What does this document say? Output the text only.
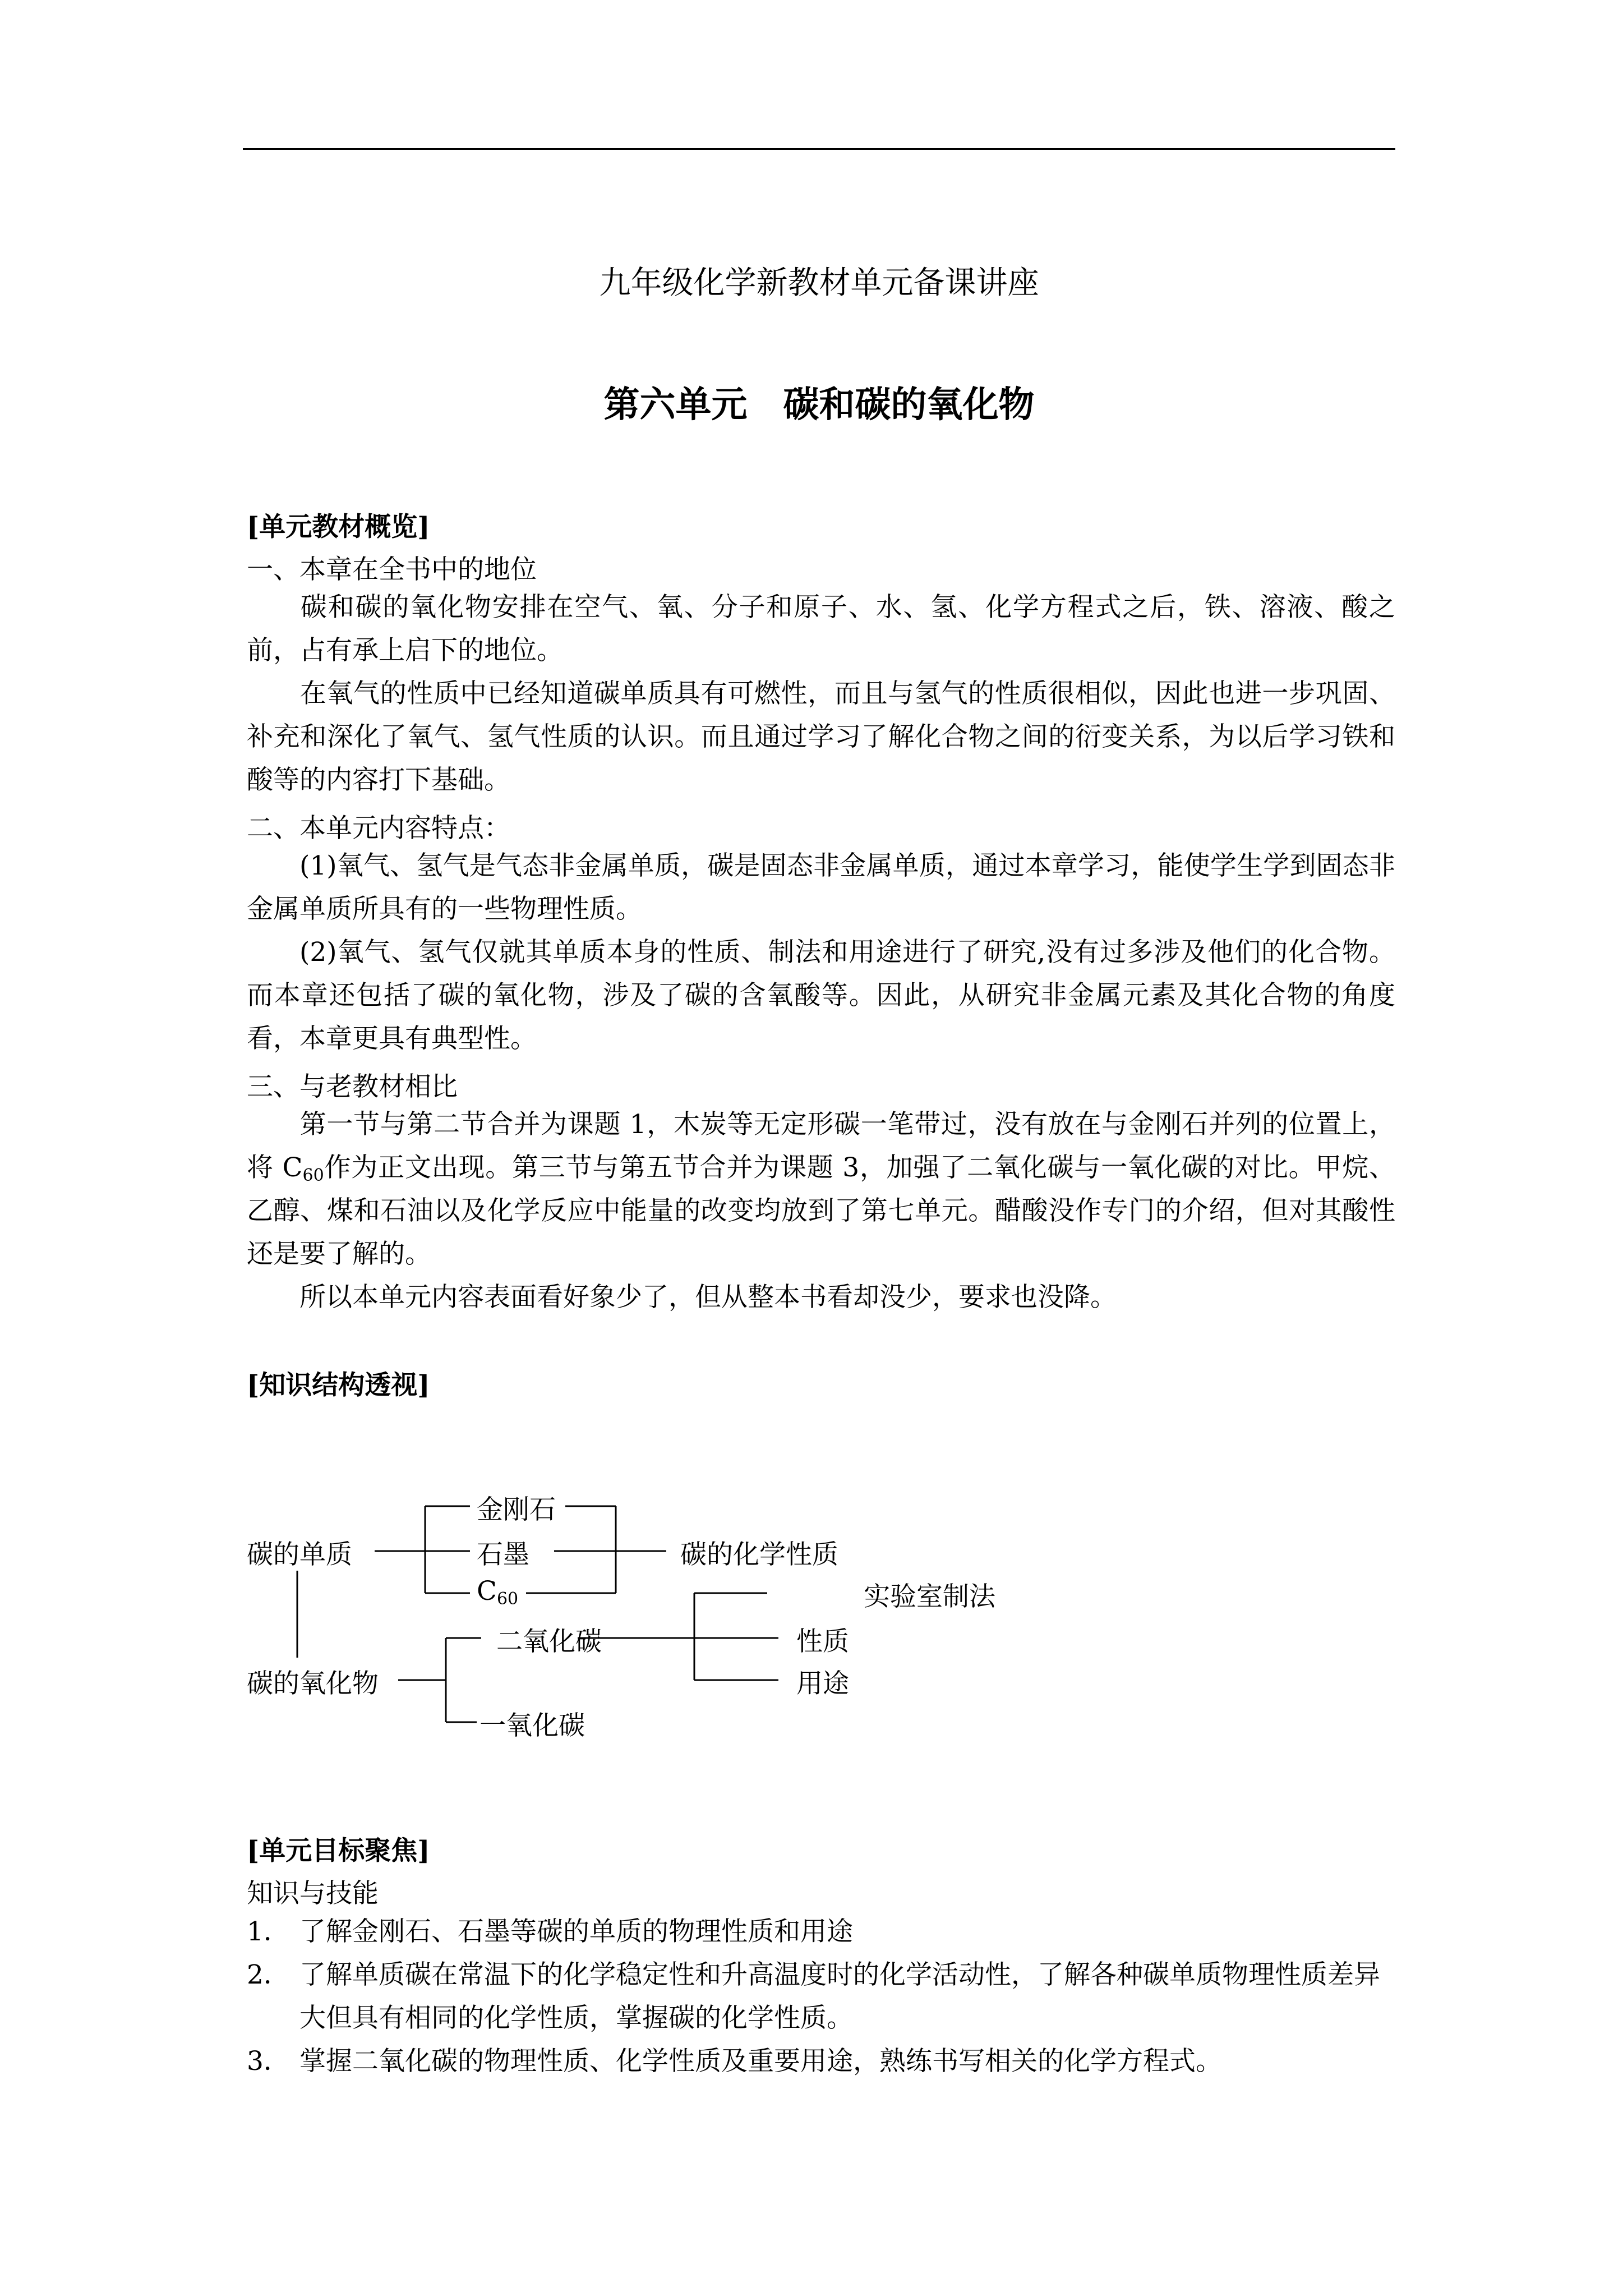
九年级化学新教材单元备课讲座
第六单元　碳和碳的氧化物
[单元教材概览]
一、本章在全书中的地位
碳和碳的氧化物安排在空气、氧、分子和原子、水、氢、化学方程式之后，铁、溶液、酸之前，占有承上启下的地位。
在氧气的性质中已经知道碳单质具有可燃性，而且与氢气的性质很相似，因此也进一步巩固、补充和深化了氧气、氢气性质的认识。而且通过学习了解化合物之间的衍变关系，为以后学习铁和酸等的内容打下基础。
二、本单元内容特点：
(1)氧气、氢气是气态非金属单质，碳是固态非金属单质，通过本章学习，能使学生学到固态非金属单质所具有的一些物理性质。
(2)氧气、氢气仅就其单质本身的性质、制法和用途进行了研究,没有过多涉及他们的化合物。而本章还包括了碳的氧化物，涉及了碳的含氧酸等。因此，从研究非金属元素及其化合物的角度看，本章更具有典型性。
三、与老教材相比
第一节与第二节合并为课题 1，木炭等无定形碳一笔带过，没有放在与金刚石并列的位置上，将 $C_{60}$作为正文出现。第三节与第五节合并为课题 3，加强了二氧化碳与一氧化碳的对比。甲烷、乙醇、煤和石油以及化学反应中能量的改变均放到了第七单元。醋酸没作专门的介绍，但对其酸性还是要了解的。
所以本单元内容表面看好象少了，但从整本书看却没少，要求也没降。
[知识结构透视]
碳的单质
金刚石
石墨
$C_{60}$
碳的化学性质
碳的氧化物
二氧化碳
一氧化碳
实验室制法
性质
用途
[单元目标聚焦]
知识与技能
1． 了解金刚石、石墨等碳的单质的物理性质和用途
2． 了解单质碳在常温下的化学稳定性和升高温度时的化学活动性，了解各种碳单质物理性质差异大但具有相同的化学性质，掌握碳的化学性质。
3． 掌握二氧化碳的物理性质、化学性质及重要用途，熟练书写相关的化学方程式。
